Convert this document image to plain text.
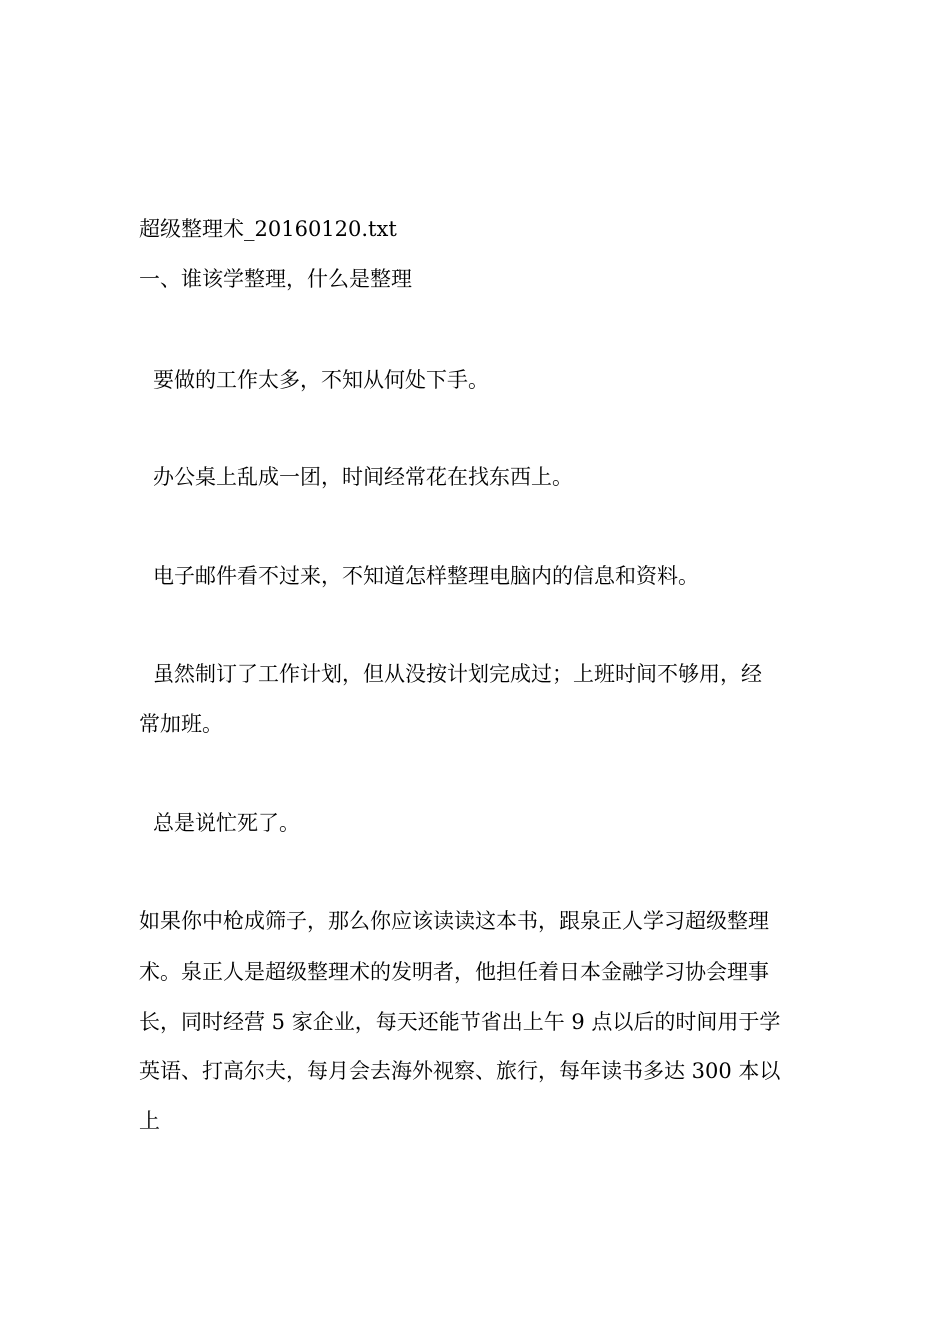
超级整理术_20160120.txt
一、谁该学整理，什么是整理
要做的工作太多，不知从何处下手。
办公桌上乱成一团，时间经常花在找东西上。
电子邮件看不过来，不知道怎样整理电脑内的信息和资料。
虽然制订了工作计划，但从没按计划完成过；上班时间不够用，经
常加班。
总是说忙死了。
如果你中枪成筛子，那么你应该读读这本书，跟泉正人学习超级整理
术。泉正人是超级整理术的发明者，他担任着日本金融学习协会理事
长，同时经营 5 家企业，每天还能节省出上午 9 点以后的时间用于学
英语、打高尔夫，每月会去海外视察、旅行，每年读书多达 300 本以
上
